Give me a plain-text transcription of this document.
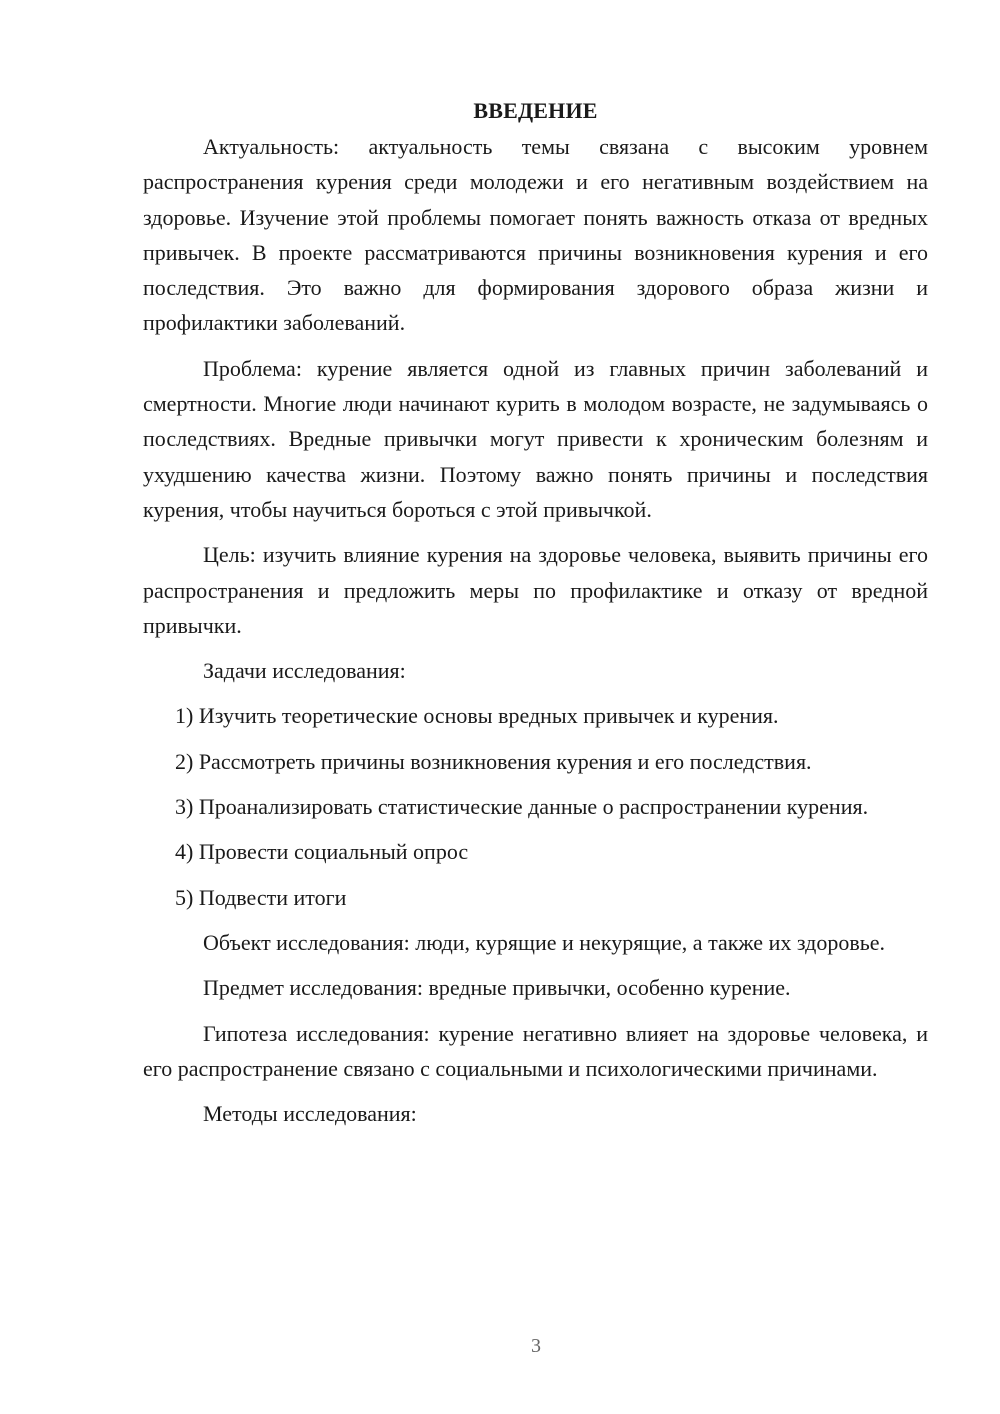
ВВЕДЕНИЕ

Актуальность: актуальность темы связана с высоким уровнем распространения курения среди молодежи и его негативным воздействием на здоровье. Изучение этой проблемы помогает понять важность отказа от вредных привычек. В проекте рассматриваются причины возникновения курения и его последствия. Это важно для формирования здорового образа жизни и профилактики заболеваний.

Проблема: курение является одной из главных причин заболеваний и смертности. Многие люди начинают курить в молодом возрасте, не задумываясь о последствиях. Вредные привычки могут привести к хроническим болезням и ухудшению качества жизни. Поэтому важно понять причины и последствия курения, чтобы научиться бороться с этой привычкой.

Цель: изучить влияние курения на здоровье человека, выявить причины его распространения и предложить меры по профилактике и отказу от вредной привычки.

Задачи исследования:

1) Изучить теоретические основы вредных привычек и курения.

2) Рассмотреть причины возникновения курения и его последствия.

3) Проанализировать статистические данные о распространении курения.

4) Провести социальный опрос

5) Подвести итоги

Объект исследования: люди, курящие и некурящие, а также их здоровье.

Предмет исследования: вредные привычки, особенно курение.

Гипотеза исследования: курение негативно влияет на здоровье человека, и его распространение связано с социальными и психологическими причинами.

Методы исследования:

3
